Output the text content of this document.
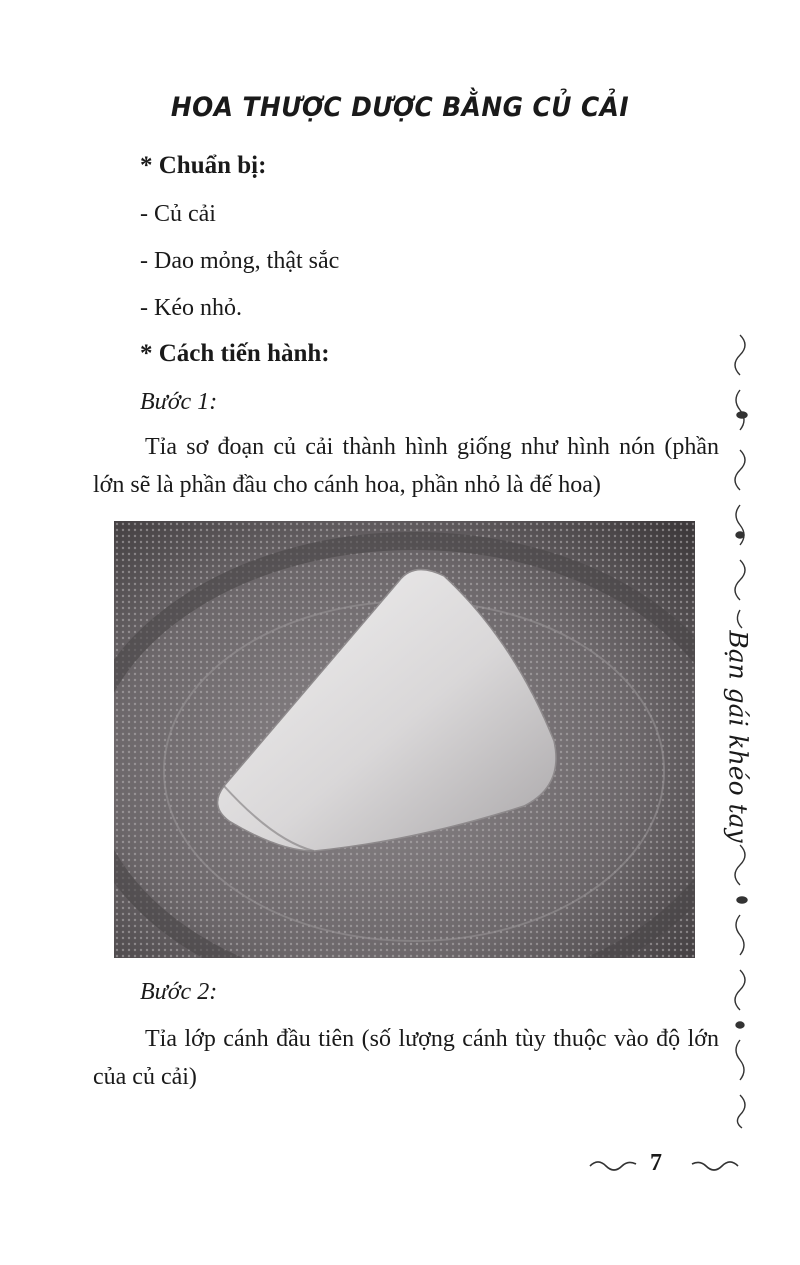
HOA THƯỢC DƯỢC BẰNG CỦ CẢI
* Chuẩn bị:
- Củ cải
- Dao mỏng, thật sắc
- Kéo nhỏ.
* Cách tiến hành:
Bước 1:
Tỉa sơ đoạn củ cải thành hình giống như hình nón (phần lớn sẽ là phần đầu cho cánh hoa, phần nhỏ là đế hoa)
Bước 2:
Tỉa lớp cánh đầu tiên (số lượng cánh tùy thuộc vào độ lớn của củ cải)
Bạn gái khéo tay
7
